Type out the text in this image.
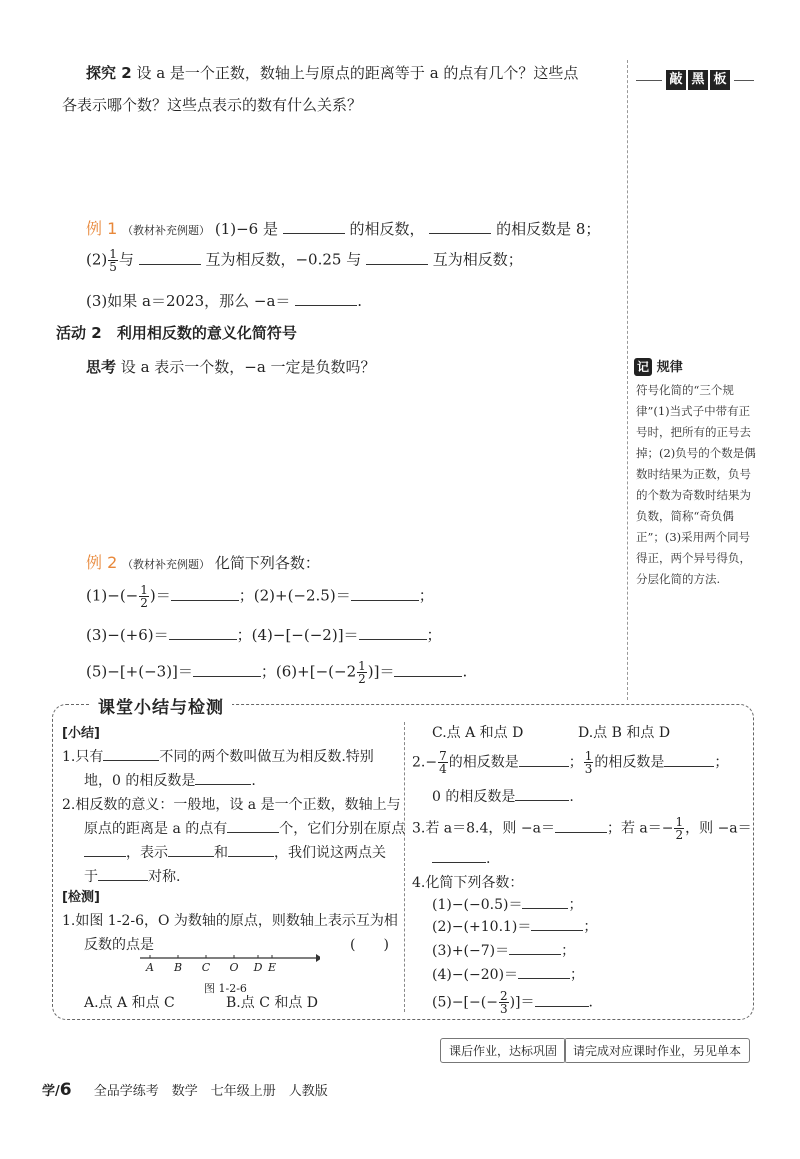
敲 黑 板
探究 2 设 a 是一个正数，数轴上与原点的距离等于 a 的点有几个？这些点
各表示哪个数？这些点表示的数有什么关系？
例 1 （教材补充例题） (1)−6 是	的相反数，	的相反数是 8；
$(2) \frac{1}{5}$ 与	互为相反数，−0.25 与	互为相反数；
(3)如果 a＝2023，那么 −a＝	.
活动 2 利用相反数的意义化简符号
思考 设 a 表示一个数，−a 一定是负数吗？	记 规律
符号化简的“三个规律”(1)当式子中带有正号时，把所有的正号去掉；(2)负号的个数是偶数时结果为正数，负号的个数为奇数时结果为负数，简称“奇负偶正”；(3)采用两个同号得正，两个异号得负，分层化简的方法.
例 2 （教材补充例题） 化简下列各数：
$(1)-(- \frac{1}{2}$ )＝	；(2)+(−2.5)＝	；
(3)−(+6)＝	；(4)−[−(−2)]＝	；
(5)−[+(−3)]＝	；$(6)+[-(-2 \frac{1}{2}$ )]＝	.
课堂小结与检测
[小结]
1.只有	不同的两个数叫做互为相反数.特别
地，0 的相反数是	.
2.相反数的意义：一般地，设 a 是一个正数，数轴上与
原点的距离是 a 的点有	个，它们分别在原点
，表示	和	，我们说这两点关
于	对称.
[检测]
1.如图 1-2-6，O 为数轴的原点，则数轴上表示互为相
反数的点是	(　　)
A B C O D E
图 1-2-6
A.点 A 和点 C	B.点 C 和点 D
C.点 A 和点 D	D.点 B 和点 D
$2.- \frac{7}{4}$ 的相反数是	； $\frac{1}{3}$ 的相反数是	；
0 的相反数是	.
3.若 a＝8.4，则 −a＝	；若 $a=- \frac{1}{2}$ ，则 −a＝
.
4.化简下列各数：
(1)−(−0.5)＝	；
(2)−(+10.1)＝	；
(3)+(−7)＝	；
(4)−(−20)＝	；
$(5)-[-(- \frac{2}{3}$ )]＝	.
课后作业，达标巩固	请完成对应课时作业，另见单本
学/6 全品学练考　数学　七年级上册　人教版
